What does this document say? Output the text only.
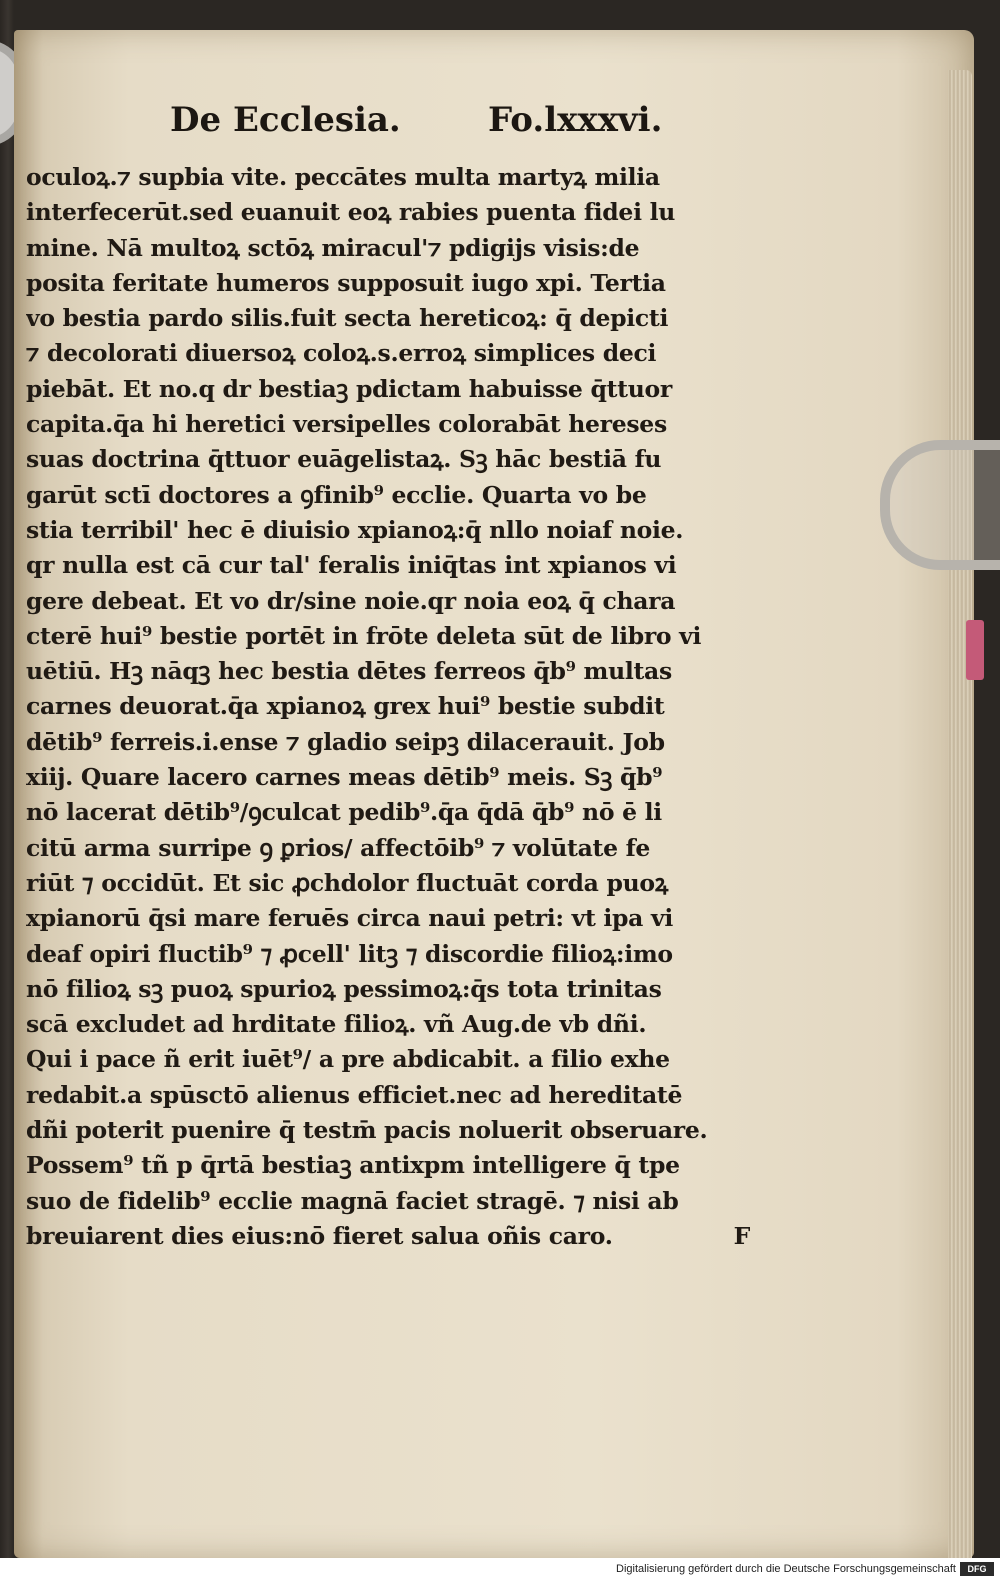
De Ecclesia.	Fo.lxxxvi.
oculoꝝ.⁊ supbia vite. peccātes multa martyꝝ milia
interfecerūt.sed euanuit eoꝝ rabies puenta fidei lu
mine. Nā multoꝝ sctōꝝ miracul'⁊ pdigijs visis:de
posita feritate humeros supposuit iugo xpi. Tertia
vo bestia pardo silis.fuit secta hereticoꝝ: q̄ depicti
⁊ decolorati diuersoꝝ coloꝝ.s.erroꝝ simplices deci
piebāt. Et no.q dr bestiaꝫ pdictam habuisse q̄ttuor
capita.q̄a hi heretici versipelles colorabāt hereses
suas doctrina q̄ttuor euāgelistaꝝ. Sꝫ hāc bestiā fu
garūt sctī doctores a ꝯfinib⁹ ecclie. Quarta vo be
stia terribil' hec ē diuisio xpianoꝝ:q̄ nllo noiaf noie.
qr nulla est cā cur tal' feralis iniq̄tas int xpianos vi
gere debeat. Et vo dr/sine noie.qr noia eoꝝ q̄ chara
cterē hui⁹ bestie portēt in frōte deleta sūt de libro vi
uētiū. Hꝫ nāqꝫ hec bestia dētes ferreos q̄b⁹ multas
carnes deuorat.q̄a xpianoꝝ grex hui⁹ bestie subdit
dētib⁹ ferreis.i.ense ⁊ gladio seipꝫ dilacerauit. Job
xiij. Quare lacero carnes meas dētib⁹ meis. Sꝫ q̄b⁹
nō lacerat dētib⁹/ꝯculcat pedib⁹.q̄a q̄dā q̄b⁹ nō ē li
citū arma surripe ꝯ ꝑrios/ affectōib⁹ ⁊ volūtate fe
riūt ⁊ occidūt. Et sic ꝓchdolor fluctuāt corda puoꝝ
xpianorū q̄si mare feruēs circa naui petri: vt ipa vi
deaf opiri fluctib⁹ ⁊ ꝓcell' litꝫ ⁊ discordie filioꝝ:imo
nō filioꝝ sꝫ puoꝝ spurioꝝ pessimoꝝ:q̄s tota trinitas
scā excludet ad hrditate filioꝝ. vñ Aug.de vb dñi.
Qui i pace ñ erit iuēt⁹/ a pre abdicabit. a filio exhe
redabit.a spūsctō alienus efficiet.nec ad hereditatē
dñi poterit puenire q̄ testm̄ pacis noluerit obseruare.
Possem⁹ tñ p q̄rtā bestiaꝫ antixpm intelligere q̄ tpe
suo de fidelib⁹ ecclie magnā faciet stragē. ⁊ nisi ab
breuiarent dies eius:nō fieret salua oñis caro.	F
Digitalisierung gefördert durch die Deutsche Forschungsgemeinschaft	DFG
